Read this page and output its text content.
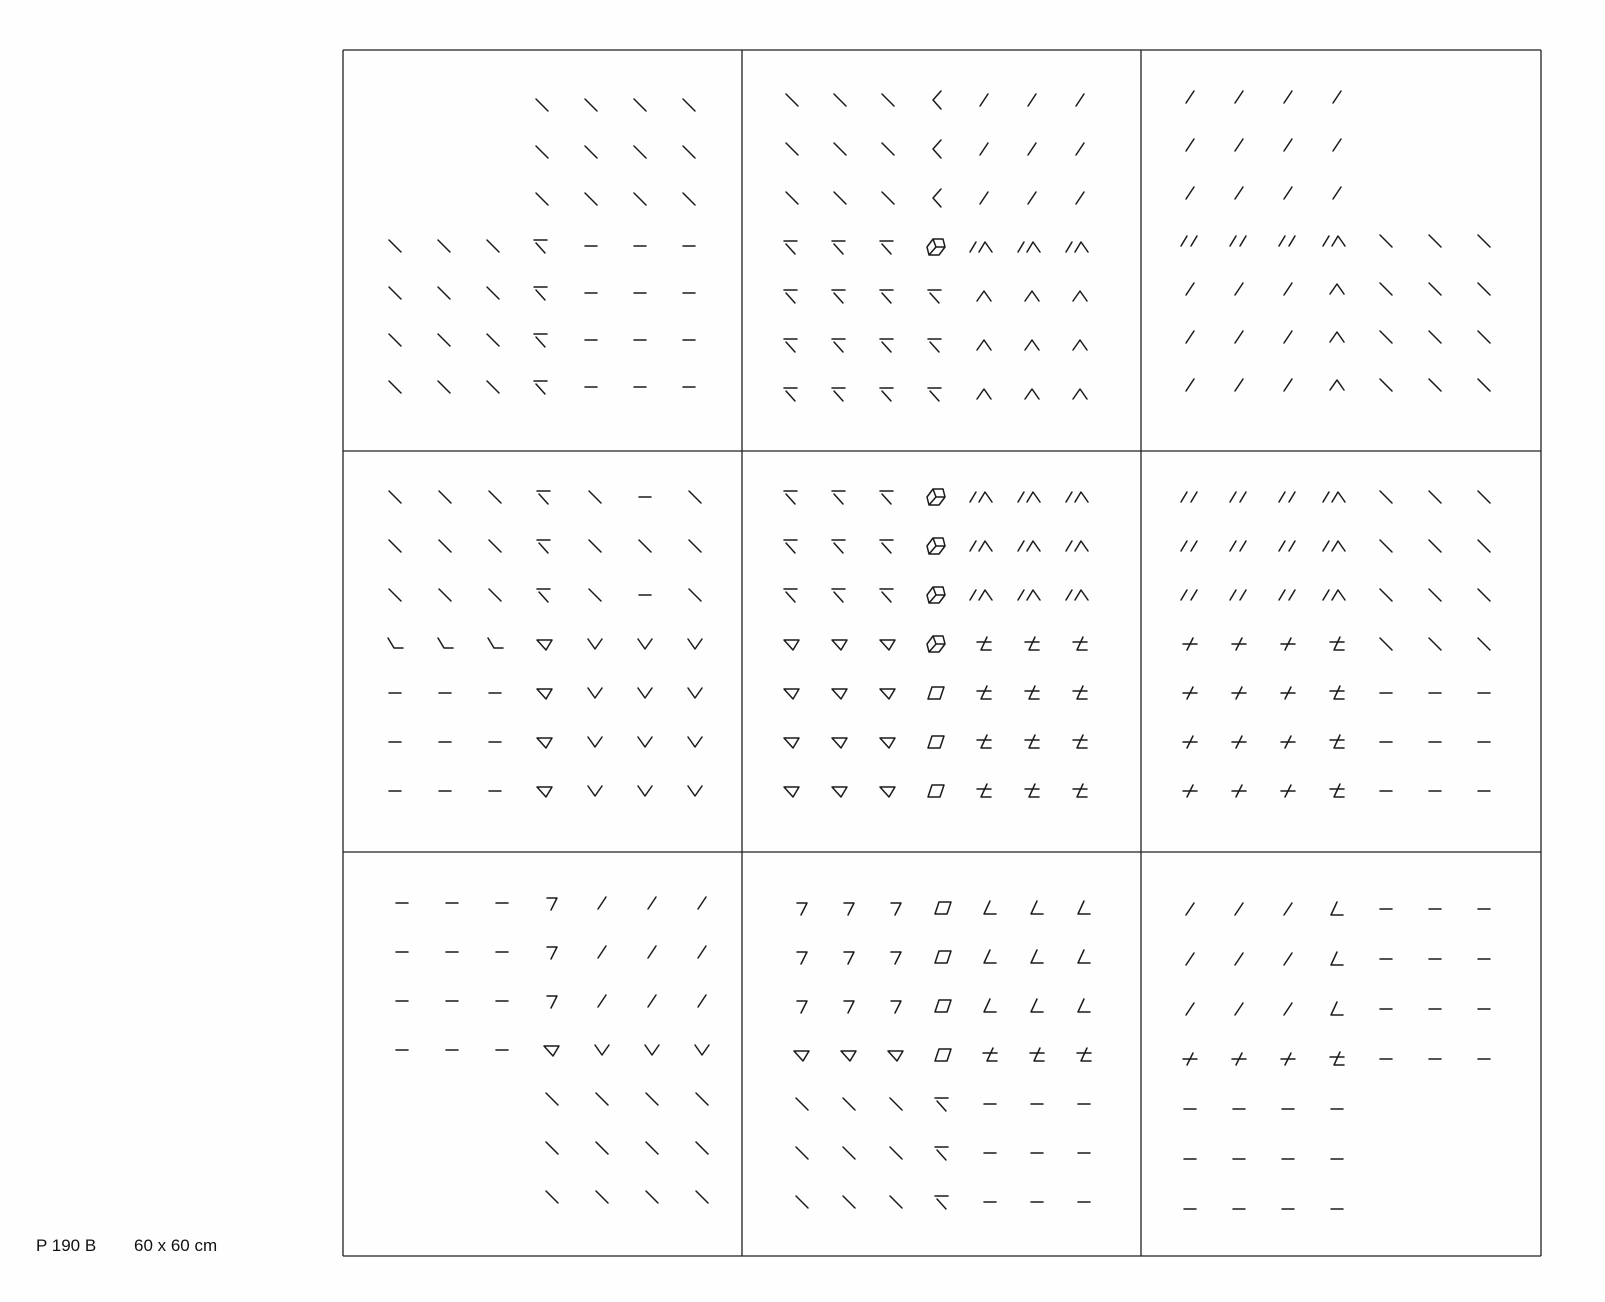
P 190 B 60 x 60 cm
